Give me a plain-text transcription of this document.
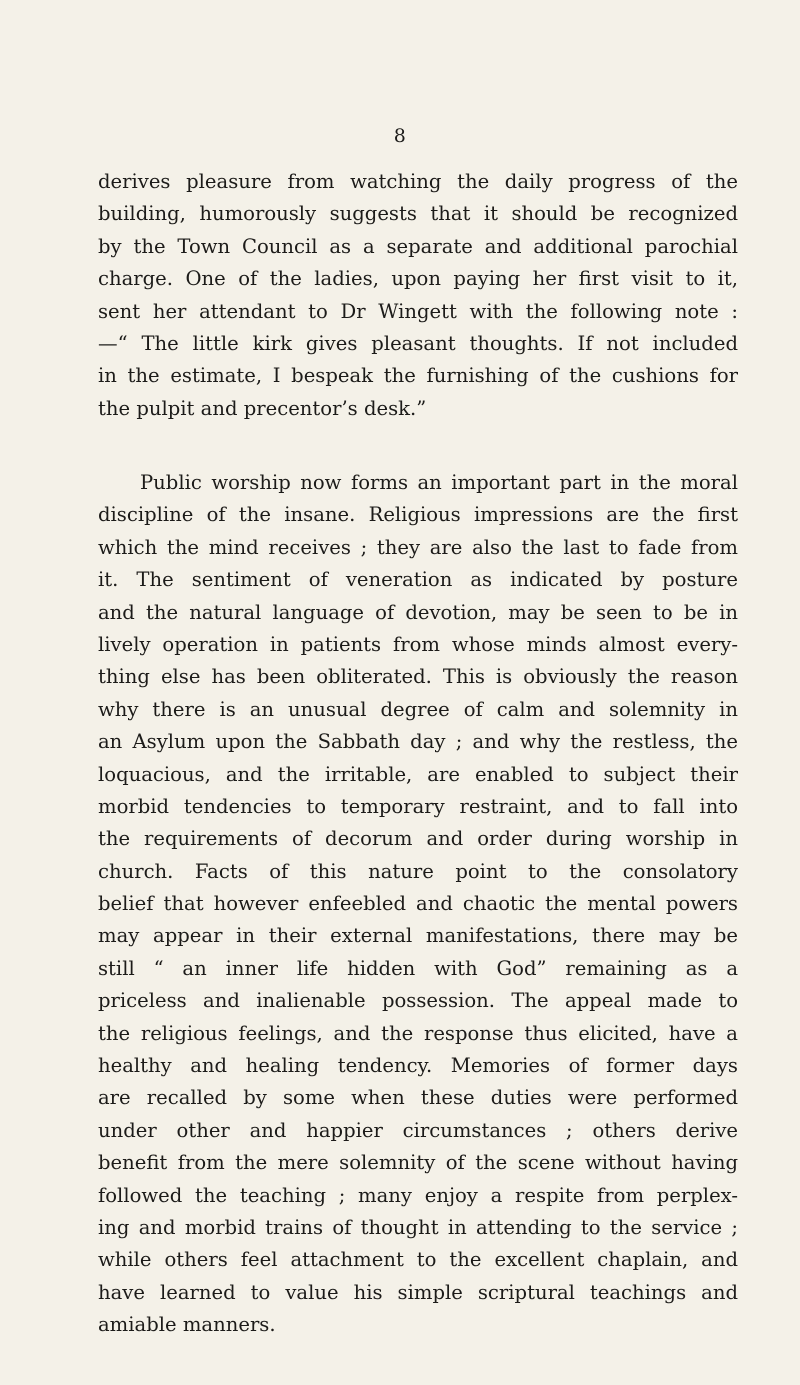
8
derives pleasure from watching the daily progress of the
building, humorously suggests that it should be recognized
by the Town Council as a separate and additional parochial
charge. One of the ladies, upon paying her first visit to it,
sent her attendant to Dr Wingett with the following note :
—“ The little kirk gives pleasant thoughts. If not included
in the estimate, I bespeak the furnishing of the cushions for
the pulpit and precentor’s desk.”
Public worship now forms an important part in the moral
discipline of the insane. Religious impressions are the first
which the mind receives ; they are also the last to fade from
it. The sentiment of veneration as indicated by posture
and the natural language of devotion, may be seen to be in
lively operation in patients from whose minds almost every-
thing else has been obliterated. This is obviously the reason
why there is an unusual degree of calm and solemnity in
an Asylum upon the Sabbath day ; and why the restless, the
loquacious, and the irritable, are enabled to subject their
morbid tendencies to temporary restraint, and to fall into
the requirements of decorum and order during worship in
church. Facts of this nature point to the consolatory
belief that however enfeebled and chaotic the mental powers
may appear in their external manifestations, there may be
still “ an inner life hidden with God” remaining as a
priceless and inalienable possession. The appeal made to
the religious feelings, and the response thus elicited, have a
healthy and healing tendency. Memories of former days
are recalled by some when these duties were performed
under other and happier circumstances ; others derive
benefit from the mere solemnity of the scene without having
followed the teaching ; many enjoy a respite from perplex-
ing and morbid trains of thought in attending to the service ;
while others feel attachment to the excellent chaplain, and
have learned to value his simple scriptural teachings and
amiable manners.
